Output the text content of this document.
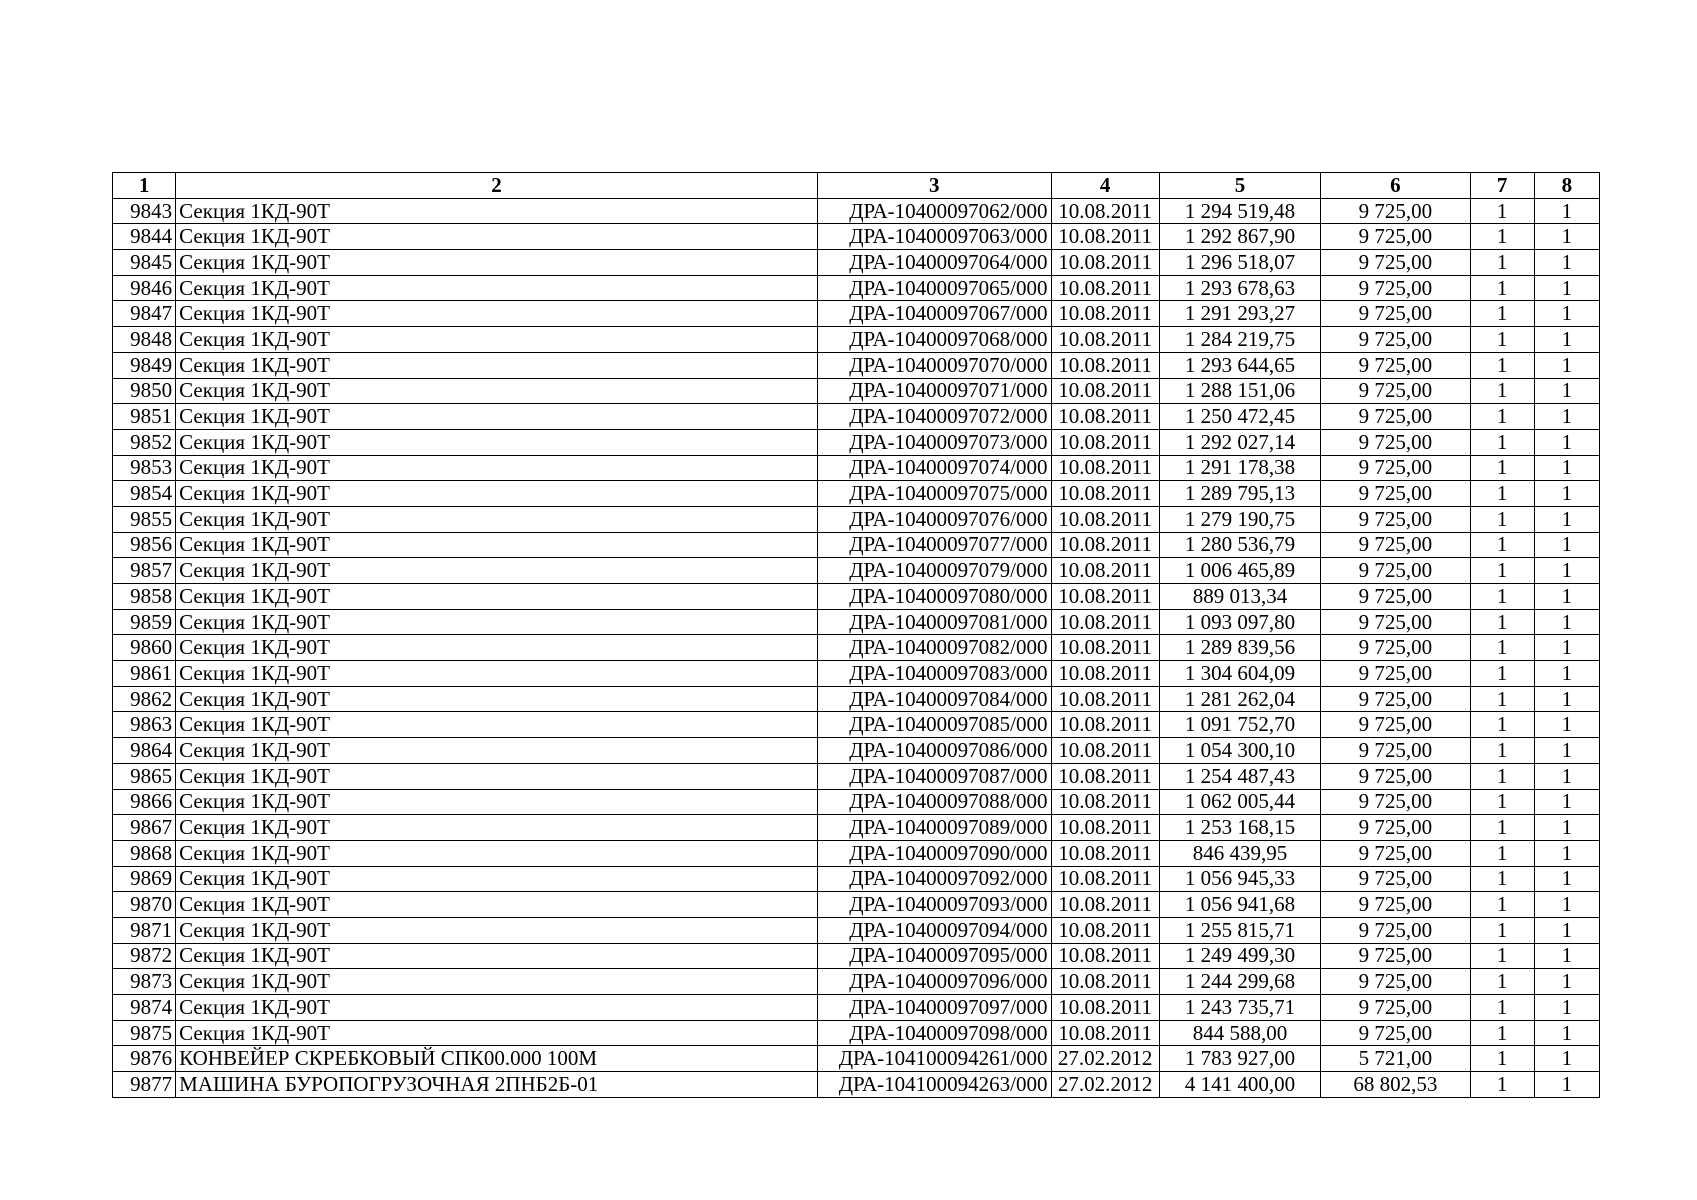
1	2	3	4	5	6	7	8
9843	Секция 1КД-90Т	ДРА-10400097062/000	10.08.2011	1 294 519,48	9 725,00	1	1
9844	Секция 1КД-90Т	ДРА-10400097063/000	10.08.2011	1 292 867,90	9 725,00	1	1
9845	Секция 1КД-90Т	ДРА-10400097064/000	10.08.2011	1 296 518,07	9 725,00	1	1
9846	Секция 1КД-90Т	ДРА-10400097065/000	10.08.2011	1 293 678,63	9 725,00	1	1
9847	Секция 1КД-90Т	ДРА-10400097067/000	10.08.2011	1 291 293,27	9 725,00	1	1
9848	Секция 1КД-90Т	ДРА-10400097068/000	10.08.2011	1 284 219,75	9 725,00	1	1
9849	Секция 1КД-90Т	ДРА-10400097070/000	10.08.2011	1 293 644,65	9 725,00	1	1
9850	Секция 1КД-90Т	ДРА-10400097071/000	10.08.2011	1 288 151,06	9 725,00	1	1
9851	Секция 1КД-90Т	ДРА-10400097072/000	10.08.2011	1 250 472,45	9 725,00	1	1
9852	Секция 1КД-90Т	ДРА-10400097073/000	10.08.2011	1 292 027,14	9 725,00	1	1
9853	Секция 1КД-90Т	ДРА-10400097074/000	10.08.2011	1 291 178,38	9 725,00	1	1
9854	Секция 1КД-90Т	ДРА-10400097075/000	10.08.2011	1 289 795,13	9 725,00	1	1
9855	Секция 1КД-90Т	ДРА-10400097076/000	10.08.2011	1 279 190,75	9 725,00	1	1
9856	Секция 1КД-90Т	ДРА-10400097077/000	10.08.2011	1 280 536,79	9 725,00	1	1
9857	Секция 1КД-90Т	ДРА-10400097079/000	10.08.2011	1 006 465,89	9 725,00	1	1
9858	Секция 1КД-90Т	ДРА-10400097080/000	10.08.2011	889 013,34	9 725,00	1	1
9859	Секция 1КД-90Т	ДРА-10400097081/000	10.08.2011	1 093 097,80	9 725,00	1	1
9860	Секция 1КД-90Т	ДРА-10400097082/000	10.08.2011	1 289 839,56	9 725,00	1	1
9861	Секция 1КД-90Т	ДРА-10400097083/000	10.08.2011	1 304 604,09	9 725,00	1	1
9862	Секция 1КД-90Т	ДРА-10400097084/000	10.08.2011	1 281 262,04	9 725,00	1	1
9863	Секция 1КД-90Т	ДРА-10400097085/000	10.08.2011	1 091 752,70	9 725,00	1	1
9864	Секция 1КД-90Т	ДРА-10400097086/000	10.08.2011	1 054 300,10	9 725,00	1	1
9865	Секция 1КД-90Т	ДРА-10400097087/000	10.08.2011	1 254 487,43	9 725,00	1	1
9866	Секция 1КД-90Т	ДРА-10400097088/000	10.08.2011	1 062 005,44	9 725,00	1	1
9867	Секция 1КД-90Т	ДРА-10400097089/000	10.08.2011	1 253 168,15	9 725,00	1	1
9868	Секция 1КД-90Т	ДРА-10400097090/000	10.08.2011	846 439,95	9 725,00	1	1
9869	Секция 1КД-90Т	ДРА-10400097092/000	10.08.2011	1 056 945,33	9 725,00	1	1
9870	Секция 1КД-90Т	ДРА-10400097093/000	10.08.2011	1 056 941,68	9 725,00	1	1
9871	Секция 1КД-90Т	ДРА-10400097094/000	10.08.2011	1 255 815,71	9 725,00	1	1
9872	Секция 1КД-90Т	ДРА-10400097095/000	10.08.2011	1 249 499,30	9 725,00	1	1
9873	Секция 1КД-90Т	ДРА-10400097096/000	10.08.2011	1 244 299,68	9 725,00	1	1
9874	Секция 1КД-90Т	ДРА-10400097097/000	10.08.2011	1 243 735,71	9 725,00	1	1
9875	Секция 1КД-90Т	ДРА-10400097098/000	10.08.2011	844 588,00	9 725,00	1	1
9876	КОНВЕЙЕР СКРЕБКОВЫЙ СПК00.000 100М	ДРА-104100094261/000	27.02.2012	1 783 927,00	5 721,00	1	1
9877	МАШИНА БУРОПОГРУЗОЧНАЯ 2ПНБ2Б-01	ДРА-104100094263/000	27.02.2012	4 141 400,00	68 802,53	1	1
